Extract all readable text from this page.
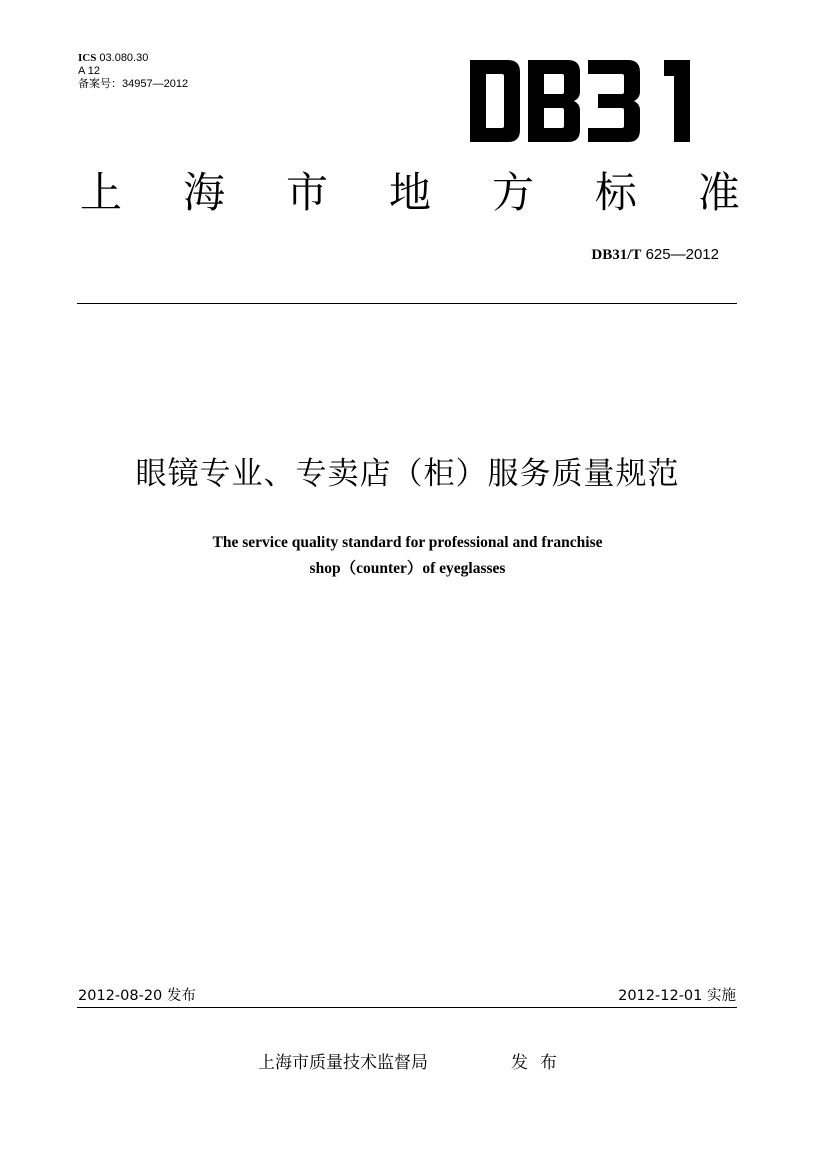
ICS 03.080.30
A 12
备案号：34957—2012
上 海 市 地 方 标 准
DB31/T 625—2012
眼镜专业、专卖店（柜）服务质量规范
The service quality standard for professional and franchise
shop（counter）of eyeglasses
2012-08-20 发布	2012-12-01 实施
上海市质量技术监督局	发布
